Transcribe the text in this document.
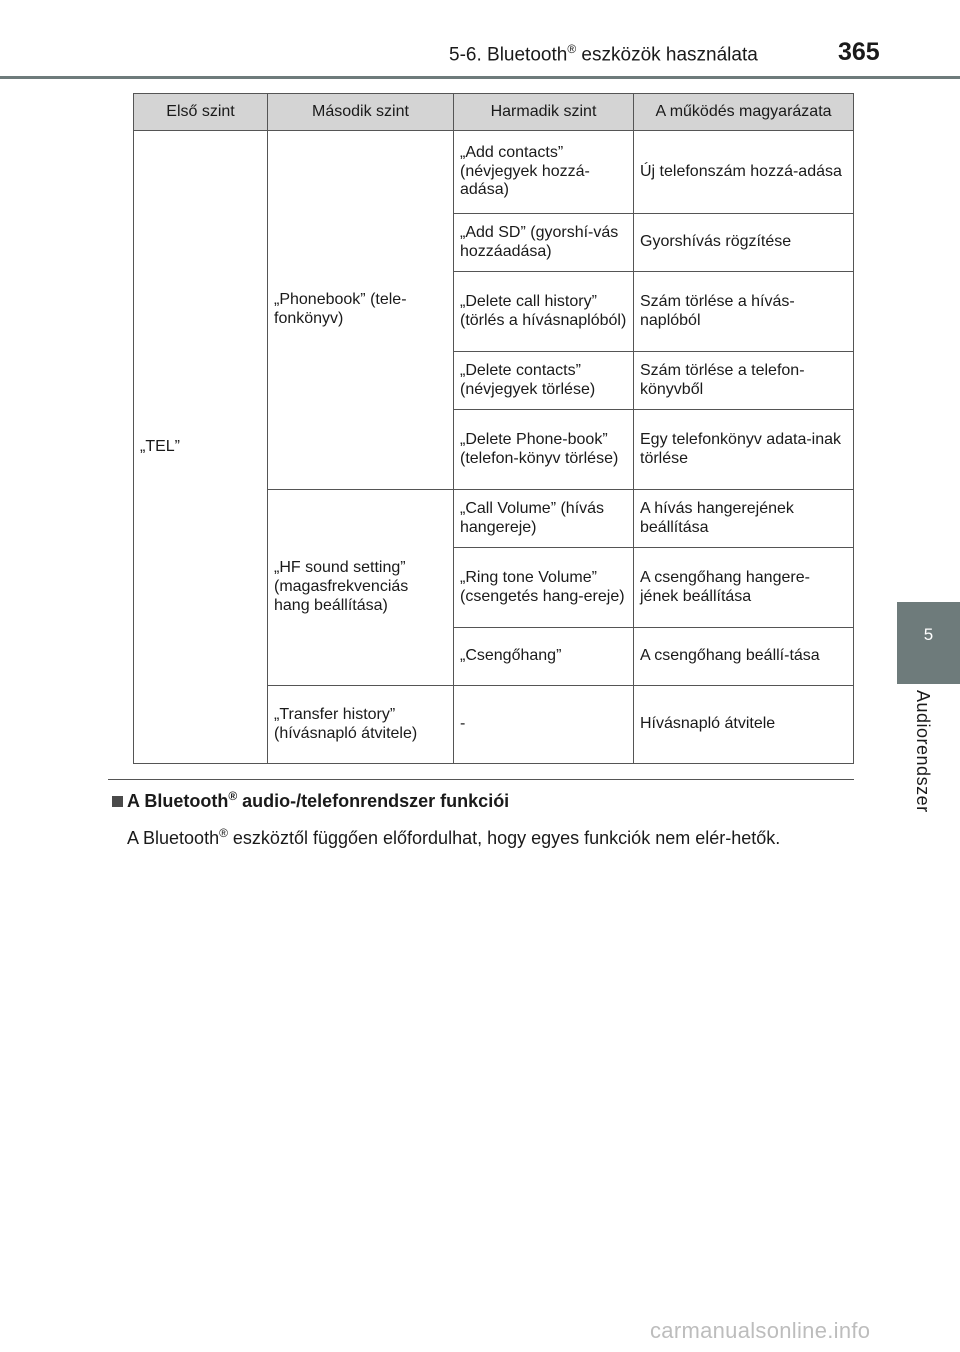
5-6. Bluetooth® eszközök használata	365
5
Audiorendszer
Első szint	Második szint	Harmadik szint	A működés magyarázata
„TEL”	„Phonebook” (tele-fonkönyv)	„Add contacts” (névjegyek hozzá-adása)	Új telefonszám hozzá-adása
		„Add SD” (gyorshí-vás hozzáadása)	Gyorshívás rögzítése
		„Delete call history” (törlés a hívásnaplóból)	Szám törlése a hívás-naplóból
		„Delete contacts” (névjegyek törlése)	Szám törlése a telefon-könyvből
		„Delete Phone-book” (telefon-könyv törlése)	Egy telefonkönyv adata-inak törlése
	„HF sound setting” (magasfrekvenciás hang beállítása)	„Call Volume” (hívás hangereje)	A hívás hangerejének beállítása
		„Ring tone Volume” (csengetés hang-ereje)	A csengőhang hangere-jének beállítása
		„Csengőhang”	A csengőhang beállí-tása
	„Transfer history” (hívásnapló átvitele)	-	Hívásnapló átvitele
A Bluetooth® audio-/telefonrendszer funkciói
A Bluetooth® eszköztől függően előfordulhat, hogy egyes funkciók nem elér-hetők.
carmanualsonline.info
